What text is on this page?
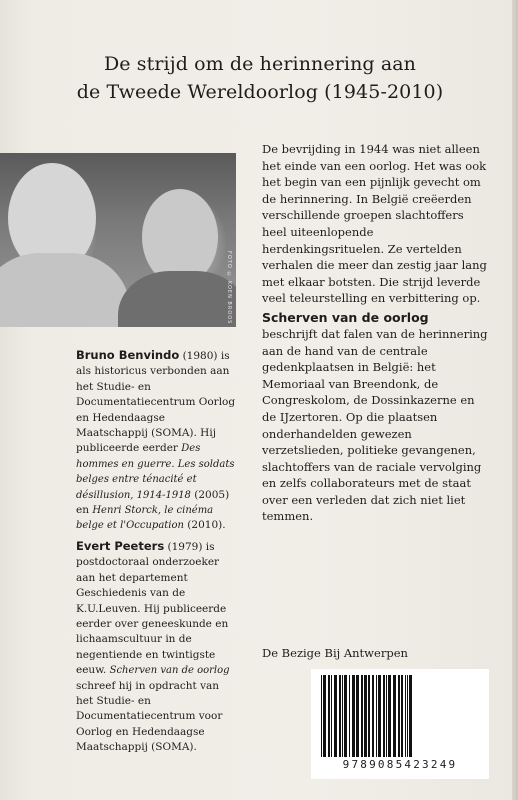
De strijd om de herinnering aan
de Tweede Wereldoorlog (1945-2010)
FOTO © KOEN BROOS
Bruno Benvindo (1980) is als historicus verbonden aan het Studie- en Documentatiecentrum Oorlog en Hedendaagse Maatschappij (SOMA). Hij publiceerde eerder Des hommes en guerre. Les soldats belges entre ténacité et désillusion, 1914-1918 (2005) en Henri Storck, le cinéma belge et l'Occupation (2010).
Evert Peeters (1979) is postdoctoraal onderzoeker aan het departement Geschiedenis van de K.U.Leuven. Hij publiceerde eerder over geneeskunde en lichaamscultuur in de negentiende en twintigste eeuw. Scherven van de oorlog schreef hij in opdracht van het Studie- en Documentatiecentrum voor Oorlog en Hedendaagse Maatschappij (SOMA).
De bevrijding in 1944 was niet alleen het einde van een oorlog. Het was ook het begin van een pijnlijk gevecht om de herinnering. In België creëerden verschillende groepen slachtoffers heel uiteenlopende herdenkingsrituelen. Ze vertelden verhalen die meer dan zestig jaar lang met elkaar botsten. Die strijd leverde veel teleurstelling en verbittering op.
Scherven van de oorlog
beschrijft dat falen van de herinnering aan de hand van de centrale gedenkplaatsen in België: het Memoriaal van Breendonk, de Congreskolom, de Dossinkazerne en de IJzertoren. Op die plaatsen onderhandelden gewezen verzetslieden, politieke gevangenen, slachtoffers van de raciale vervolging en zelfs collaborateurs met de staat over een verleden dat zich niet liet temmen.
De Bezige Bij Antwerpen
9789085423249
